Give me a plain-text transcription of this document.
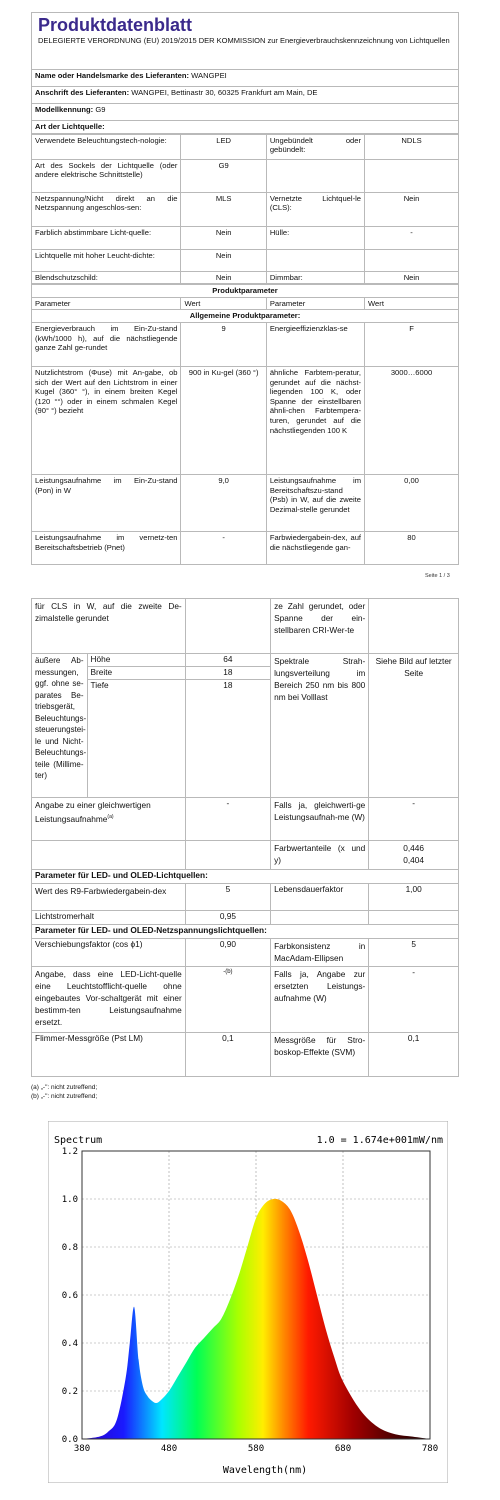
Produktdatenblatt
DELEGIERTE VERORDNUNG (EU) 2019/2015 DER KOMMISSION zur Energieverbrauchskennzeichnung von Lichtquellen
Name oder Handelsmarke des Lieferanten: WANGPEI
Anschrift des Lieferanten: WANGPEI, Bettinastr 30, 60325 Frankfurt am Main, DE
Modellkennung: G9
Art der Lichtquelle:
Verwendete Beleuchtungstech-nologie:	LED	Ungebündelt oder gebündelt:	NDLS
Art des Sockels der Lichtquelle (oder andere elektrische Schnittstelle)	G9		
Netzspannung/Nicht direkt an die Netzspannung angeschlos-sen:	MLS	Vernetzte Lichtquel-le (CLS):	Nein
Farblich abstimmbare Licht-quelle:	Nein	Hülle:	-
Lichtquelle mit hoher Leucht-dichte:	Nein		
Blendschutzschild:	Nein	Dimmbar:	Nein
Produktparameter			
Parameter	Wert	Parameter	Wert
Allgemeine Produktparameter:			
Energieverbrauch im Ein-Zu-stand (kWh/1000 h), auf die nächstliegende ganze Zahl ge-rundet	9	Energieeffizienzklas-se	F
Nutzlichtstrom (Φuse) mit An-gabe, ob sich der Wert auf den Lichtstrom in einer Kugel (360° °), in einem breiten Kegel (120 °°) oder in einem schmalen Kegel (90° °) bezieht	900 in Ku-gel (360 °)	ähnliche Farbtem-peratur, gerundet auf die nächst-liegenden 100 K, oder Spanne der einstellbaren ähnli-chen Farbtempera-turen, gerundet auf die nächstliegenden 100 K	3000…6000
Leistungsaufnahme im Ein-Zu-stand (Pon) in W	9,0	Leistungsaufnahme im Bereitschaftszu-stand (Psb) in W, auf die zweite Dezimal-stelle gerundet	0,00
Leistungsaufnahme im vernetz-ten Bereitschaftsbetrieb (Pnet)	-	Farbwiedergabein-dex, auf die nächstliegende gan-	80
Seite 1 / 3
für CLS in W, auf die zweite De-zimalstelle gerundet			ze Zahl gerundet, oder Spanne der ein-stellbaren CRI-Wer-te	
äußere Ab-messungen, ggf. ohne se-parates Be-triebsgerät, Beleuchtungs-steuerungstei-le und Nicht-Beleuchtungs-teile (Millime-ter)	Höhe	64	Spektrale Strah-lungsverteilung im Bereich 250 nm bis 800 nm bei Volllast	Siehe Bild auf letzter Seite
	Breite	18		
	Tiefe	18		
Angabe zu einer gleichwertigen Leistungsaufnahme$^{(a)}$		-	Falls ja, gleichwerti-ge Leistungsaufnah-me (W)	-
			Farbwertanteile (x und y)	0,446
0,404

Parameter für LED- und OLED-Lichtquellen:				
Wert des R9-Farbwiedergabein-dex		5	Lebensdauerfaktor	1,00
Lichtstromerhalt		0,95		
Parameter für LED- und OLED-Netzspannungslichtquellen:				
Verschiebungsfaktor (cos ϕ1)		0,90	Farbkonsistenz in MacAdam-Ellipsen	5
Angabe, dass eine LED-Licht-quelle eine Leuchtstofflicht-quelle ohne eingebautes Vor-schaltgerät mit einer bestimm-ten Leistungsaufnahme ersetzt.		-(b)	Falls ja, Angabe zur ersetzten Leistungs-aufnahme (W)	-
Flimmer-Messgröße (Pst LM)		0,1	Messgröße für Stro-boskop-Effekte (SVM)	0,1
(a) „-": nicht zutreffend;
(b) „-": nicht zutreffend;
0.0
0.2
0.4
0.6
0.8
1.0
1.2
380	480	580	680	780
Spectrum	1.0 = 1.674e+001mW/nm
Wavelength(nm)
